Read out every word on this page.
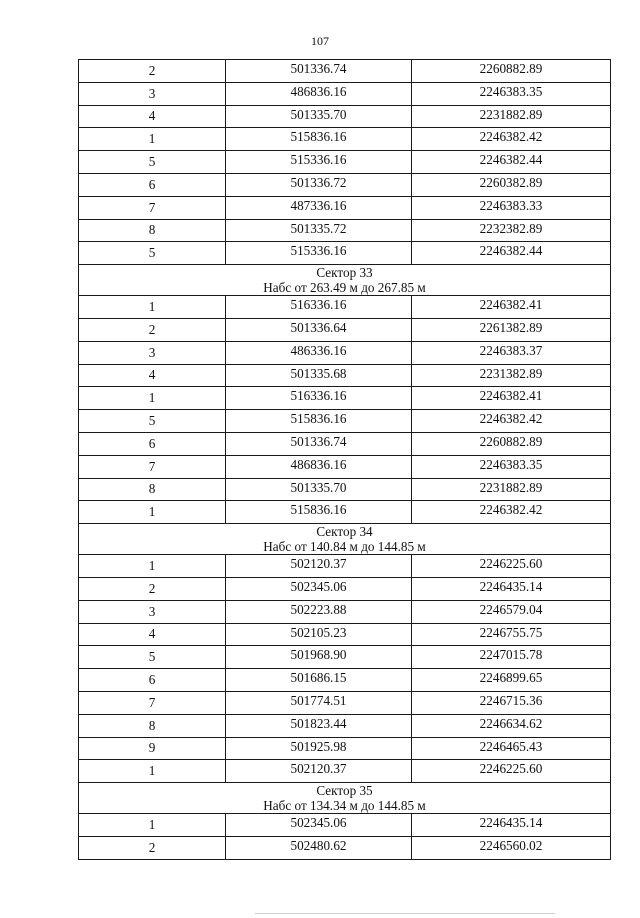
107
2	501336.74	2260882.89
3	486836.16	2246383.35
4	501335.70	2231882.89
1	515836.16	2246382.42
5	515336.16	2246382.44
6	501336.72	2260382.89
7	487336.16	2246383.33
8	501335.72	2232382.89
5	515336.16	2246382.44

Сектор 33
Набс от 263.49 м до 267.85 м		

1	516336.16	2246382.41
2	501336.64	2261382.89
3	486336.16	2246383.37
4	501335.68	2231382.89
1	516336.16	2246382.41
5	515836.16	2246382.42
6	501336.74	2260882.89
7	486836.16	2246383.35
8	501335.70	2231882.89
1	515836.16	2246382.42

Сектор 34
Набс от 140.84 м до 144.85 м		

1	502120.37	2246225.60
2	502345.06	2246435.14
3	502223.88	2246579.04
4	502105.23	2246755.75
5	501968.90	2247015.78
6	501686.15	2246899.65
7	501774.51	2246715.36
8	501823.44	2246634.62
9	501925.98	2246465.43
1	502120.37	2246225.60

Сектор 35
Набс от 134.34 м до 144.85 м		

1	502345.06	2246435.14
2	502480.62	2246560.02
